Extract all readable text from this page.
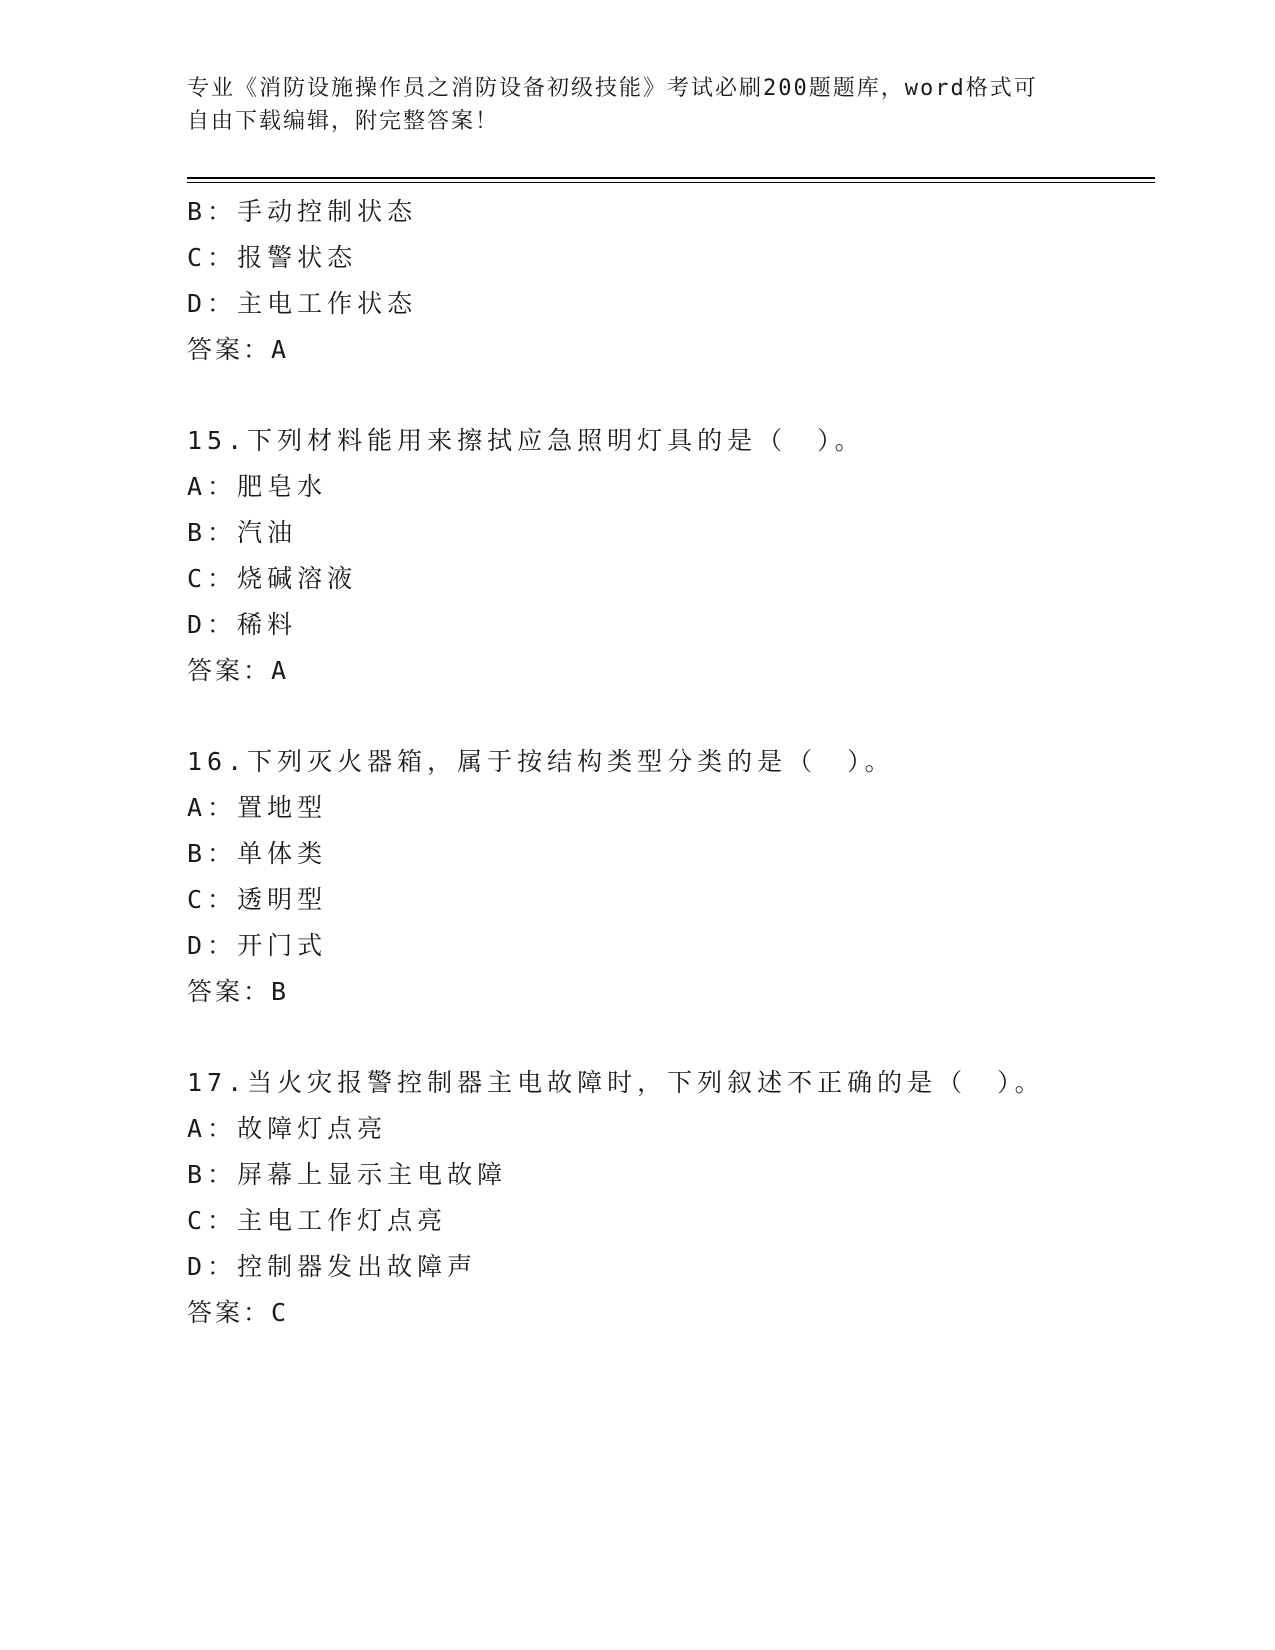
专业《消防设施操作员之消防设备初级技能》考试必刷200题题库，word格式可
自由下载编辑，附完整答案！
B：手动控制状态
C：报警状态
D：主电工作状态
答案：A
15.下列材料能用来擦拭应急照明灯具的是（　）。
A：肥皂水
B：汽油
C：烧碱溶液
D：稀料
答案：A
16.下列灭火器箱，属于按结构类型分类的是（　）。
A：置地型
B：单体类
C：透明型
D：开门式
答案：B
17.当火灾报警控制器主电故障时，下列叙述不正确的是（　）。
A：故障灯点亮
B：屏幕上显示主电故障
C：主电工作灯点亮
D：控制器发出故障声
答案：C
